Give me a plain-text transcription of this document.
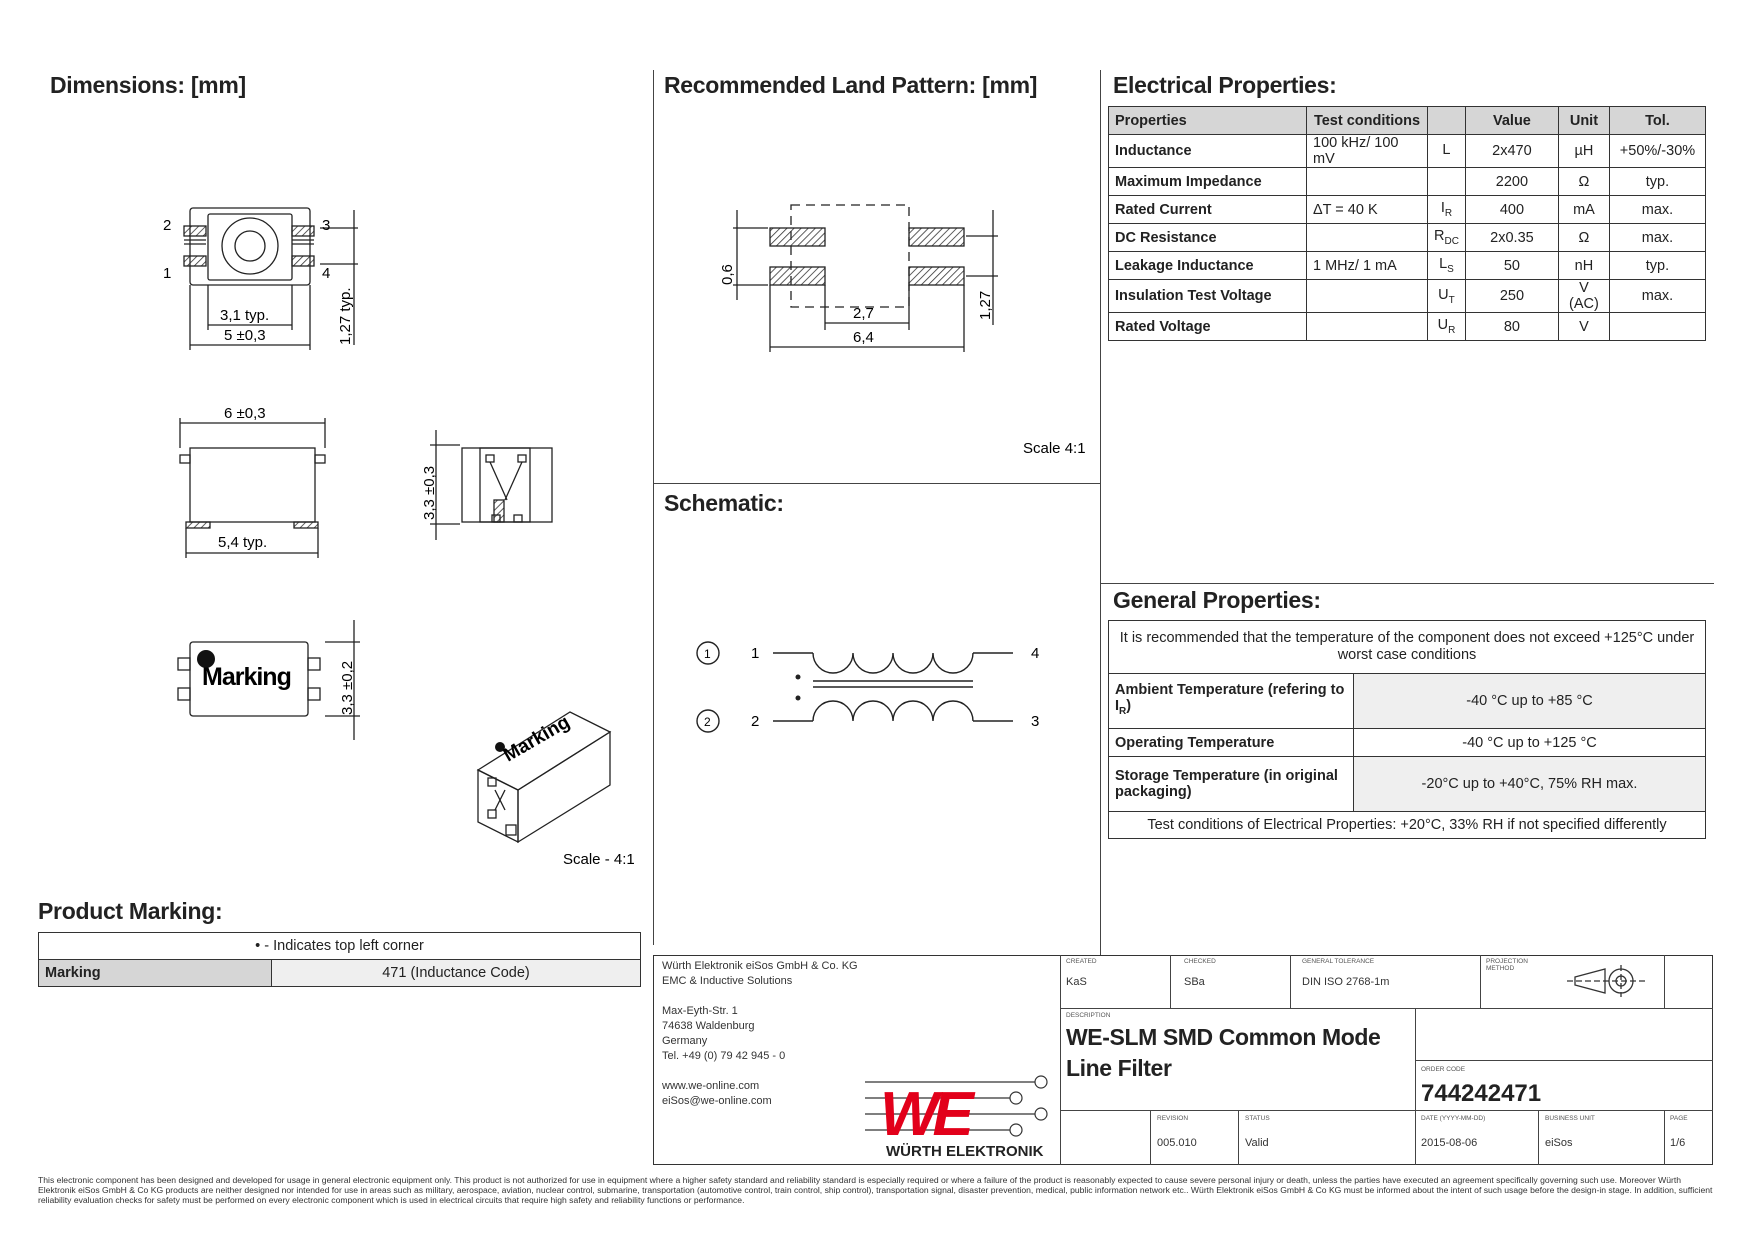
Dimensions: [mm]	Recommended Land Pattern: [mm]	Electrical Properties:
Schematic:
General Properties:
Product Marking:
2	3
1	4
3,1 typ.
5 ±0,3	1,27 typ.
6 ±0,3
5,4 typ.
3,3 ±0,3
Marking	3,3 ±0,2
Marking
Scale - 4:1
0,6
2,7
6,4
1,27
Scale 4:1
1
2
1
2
4
3
Properties	Test conditions		Value	Unit	Tol.
Inductance	100 kHz/ 100 mV	L	2x470	µH	+50%/-30%
Maximum Impedance			2200	Ω	typ.
Rated Current	ΔT = 40 K	$I_R$	400	mA	max.
DC Resistance		$R_{DC}$	2x0.35	Ω	max.
Leakage Inductance	1 MHz/ 1 mA	$L_S$	50	nH	typ.
Insulation Test Voltage		$U_T$	250	V (AC)	max.
Rated Voltage		$U_R$	80	V	
It is recommended that the temperature of the component does not exceed +125°C under worst case conditions	
Ambient Temperature (refering to $I_R$)	-40 °C up to +85 °C
Operating Temperature	-40 °C up to +125 °C
Storage Temperature (in original packaging)	-20°C up to +40°C, 75% RH max.
Test conditions of Electrical Properties: +20°C, 33% RH if not specified differently	
• - Indicates top left corner
Marking	471 (Inductance Code)	Würth Elektronik eiSos GmbH & Co. KG
EMC & Inductive Solutions
Max-Eyth-Str. 1
74638 Waldenburg
Germany
Tel. +49 (0) 79 42 945 - 0
www.we-online.com
eiSos@we-online.com WE
WÜRTH ELEKTRONIK
CREATED
KaS
CHECKED
SBa
GENERAL TOLERANCE
DIN ISO 2768-1m
PROJECTION METHOD
DESCRIPTION
WE-SLM SMD Common Mode Line Filter	ORDER CODE
744242471
REVISION
005.010
STATUS
Valid
DATE (YYYY-MM-DD)
2015-08-06
BUSINESS UNIT
eiSos
PAGE
1/6
This electronic component has been designed and developed for usage in general electronic equipment only. This product is not authorized for use in equipment where a higher safety standard and reliability standard is especially required or where a failure of the product is reasonably expected to cause severe personal injury or death, unless the parties have executed an agreement specifically governing such use. Moreover Würth Elektronik eiSos GmbH & Co KG products are neither designed nor intended for use in areas such as military, aerospace, aviation, nuclear control, submarine, transportation (automotive control, train control, ship control), transportation signal, disaster prevention, medical, public information network etc.. Würth Elektronik eiSos GmbH & Co KG must be informed about the intent of such usage before the design-in stage. In addition, sufficient reliability evaluation checks for safety must be performed on every electronic component which is used in electrical circuits that require high safety and reliability functions or performance.
